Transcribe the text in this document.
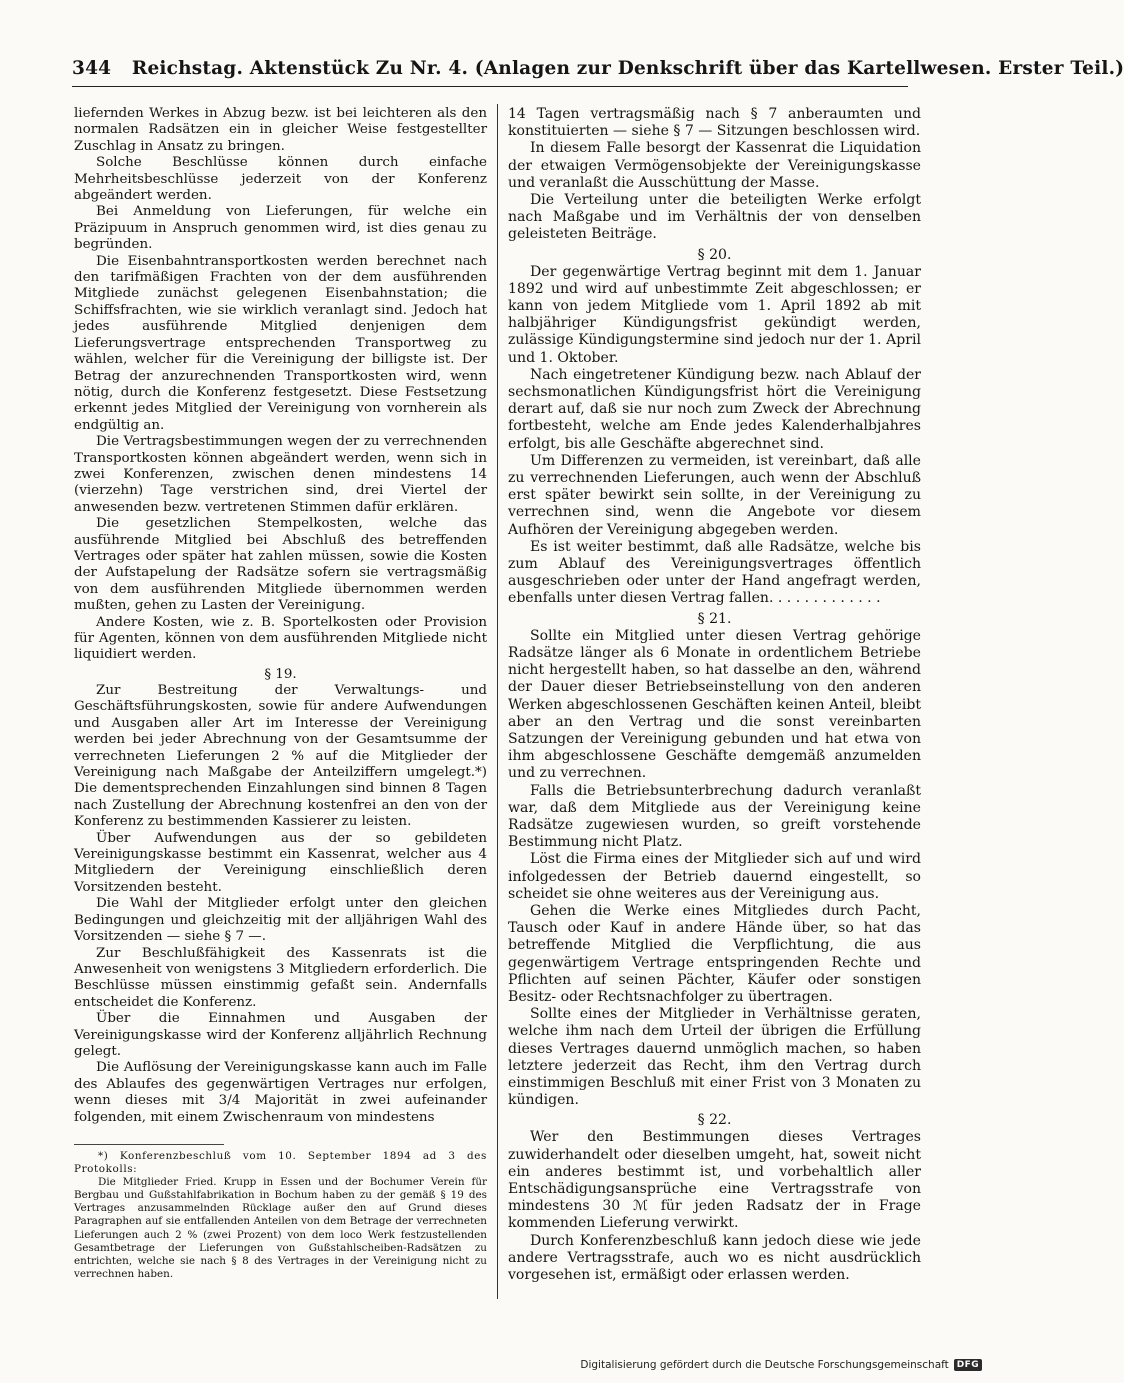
344 Reichstag. Aktenstück Zu Nr. 4. (Anlagen zur Denkschrift über das Kartellwesen. Erster Teil.)
liefernden Werkes in Abzug bezw. ist bei leichteren als den normalen Radsätzen ein in gleicher Weise festgestellter Zuschlag in Ansatz zu bringen.
Solche Beschlüsse können durch einfache Mehrheitsbeschlüsse jederzeit von der Konferenz abgeändert werden.
Bei Anmeldung von Lieferungen, für welche ein Präzipuum in Anspruch genommen wird, ist dies genau zu begründen.
Die Eisenbahntransportkosten werden berechnet nach den tarifmäßigen Frachten von der dem ausführenden Mitgliede zunächst gelegenen Eisenbahnstation; die Schiffsfrachten, wie sie wirklich veranlagt sind. Jedoch hat jedes ausführende Mitglied denjenigen dem Lieferungsvertrage entsprechenden Transportweg zu wählen, welcher für die Vereinigung der billigste ist. Der Betrag der anzurechnenden Transportkosten wird, wenn nötig, durch die Konferenz festgesetzt. Diese Festsetzung erkennt jedes Mitglied der Vereinigung von vornherein als endgültig an.
Die Vertragsbestimmungen wegen der zu verrechnenden Transportkosten können abgeändert werden, wenn sich in zwei Konferenzen, zwischen denen mindestens 14 (vierzehn) Tage verstrichen sind, drei Viertel der anwesenden bezw. vertretenen Stimmen dafür erklären.
Die gesetzlichen Stempelkosten, welche das ausführende Mitglied bei Abschluß des betreffenden Vertrages oder später hat zahlen müssen, sowie die Kosten der Aufstapelung der Radsätze sofern sie vertragsmäßig von dem ausführenden Mitgliede übernommen werden mußten, gehen zu Lasten der Vereinigung.
Andere Kosten, wie z. B. Sportelkosten oder Provision für Agenten, können von dem ausführenden Mitgliede nicht liquidiert werden.
§ 19.
Zur Bestreitung der Verwaltungs- und Geschäftsführungskosten, sowie für andere Aufwendungen und Ausgaben aller Art im Interesse der Vereinigung werden bei jeder Abrechnung von der Gesamtsumme der verrechneten Lieferungen 2 % auf die Mitglieder der Vereinigung nach Maßgabe der Anteilziffern umgelegt.*) Die dementsprechenden Einzahlungen sind binnen 8 Tagen nach Zustellung der Abrechnung kostenfrei an den von der Konferenz zu bestimmenden Kassierer zu leisten.
Über Aufwendungen aus der so gebildeten Vereinigungskasse bestimmt ein Kassenrat, welcher aus 4 Mitgliedern der Vereinigung einschließlich deren Vorsitzenden besteht.
Die Wahl der Mitglieder erfolgt unter den gleichen Bedingungen und gleichzeitig mit der alljährigen Wahl des Vorsitzenden — siehe § 7 —.
Zur Beschlußfähigkeit des Kassenrats ist die Anwesenheit von wenigstens 3 Mitgliedern erforderlich. Die Beschlüsse müssen einstimmig gefaßt sein. Andernfalls entscheidet die Konferenz.
Über die Einnahmen und Ausgaben der Vereinigungskasse wird der Konferenz alljährlich Rechnung gelegt.
Die Auflösung der Vereinigungskasse kann auch im Falle des Ablaufes des gegenwärtigen Vertrages nur erfolgen, wenn dieses mit 3/4 Majorität in zwei aufeinander folgenden, mit einem Zwischenraum von mindestens
*) Konferenzbeschluß vom 10. September 1894 ad 3 des Protokolls:
Die Mitglieder Fried. Krupp in Essen und der Bochumer Verein für Bergbau und Gußstahlfabrikation in Bochum haben zu der gemäß § 19 des Vertrages anzusammelnden Rücklage außer den auf Grund dieses Paragraphen auf sie entfallenden Anteilen von dem Betrage der verrechneten Lieferungen auch 2 % (zwei Prozent) von dem loco Werk festzustellenden Gesamtbetrage der Lieferungen von Gußstahlscheiben-Radsätzen zu entrichten, welche sie nach § 8 des Vertrages in der Vereinigung nicht zu verrechnen haben.
14 Tagen vertragsmäßig nach § 7 anberaumten und konstituierten — siehe § 7 — Sitzungen beschlossen wird.
In diesem Falle besorgt der Kassenrat die Liquidation der etwaigen Vermögensobjekte der Vereinigungskasse und veranlaßt die Ausschüttung der Masse.
Die Verteilung unter die beteiligten Werke erfolgt nach Maßgabe und im Verhältnis der von denselben geleisteten Beiträge.
§ 20.
Der gegenwärtige Vertrag beginnt mit dem 1. Januar 1892 und wird auf unbestimmte Zeit abgeschlossen; er kann von jedem Mitgliede vom 1. April 1892 ab mit halbjähriger Kündigungsfrist gekündigt werden, zulässige Kündigungstermine sind jedoch nur der 1. April und 1. Oktober.
Nach eingetretener Kündigung bezw. nach Ablauf der sechsmonatlichen Kündigungsfrist hört die Vereinigung derart auf, daß sie nur noch zum Zweck der Abrechnung fortbesteht, welche am Ende jedes Kalenderhalbjahres erfolgt, bis alle Geschäfte abgerechnet sind.
Um Differenzen zu vermeiden, ist vereinbart, daß alle zu verrechnenden Lieferungen, auch wenn der Abschluß erst später bewirkt sein sollte, in der Vereinigung zu verrechnen sind, wenn die Angebote vor diesem Aufhören der Vereinigung abgegeben werden.
Es ist weiter bestimmt, daß alle Radsätze, welche bis zum Ablauf des Vereinigungsvertrages öffentlich ausgeschrieben oder unter der Hand angefragt werden, ebenfalls unter diesen Vertrag fallen. . . . . . . . . . . . .
§ 21.
Sollte ein Mitglied unter diesen Vertrag gehörige Radsätze länger als 6 Monate in ordentlichem Betriebe nicht hergestellt haben, so hat dasselbe an den, während der Dauer dieser Betriebseinstellung von den anderen Werken abgeschlossenen Geschäften keinen Anteil, bleibt aber an den Vertrag und die sonst vereinbarten Satzungen der Vereinigung gebunden und hat etwa von ihm abgeschlossene Geschäfte demgemäß anzumelden und zu verrechnen.
Falls die Betriebsunterbrechung dadurch veranlaßt war, daß dem Mitgliede aus der Vereinigung keine Radsätze zugewiesen wurden, so greift vorstehende Bestimmung nicht Platz.
Löst die Firma eines der Mitglieder sich auf und wird infolgedessen der Betrieb dauernd eingestellt, so scheidet sie ohne weiteres aus der Vereinigung aus.
Gehen die Werke eines Mitgliedes durch Pacht, Tausch oder Kauf in andere Hände über, so hat das betreffende Mitglied die Verpflichtung, die aus gegenwärtigem Vertrage entspringenden Rechte und Pflichten auf seinen Pächter, Käufer oder sonstigen Besitz- oder Rechtsnachfolger zu übertragen.
Sollte eines der Mitglieder in Verhältnisse geraten, welche ihm nach dem Urteil der übrigen die Erfüllung dieses Vertrages dauernd unmöglich machen, so haben letztere jederzeit das Recht, ihm den Vertrag durch einstimmigen Beschluß mit einer Frist von 3 Monaten zu kündigen.
§ 22.
Wer den Bestimmungen dieses Vertrages zuwiderhandelt oder dieselben umgeht, hat, soweit nicht ein anderes bestimmt ist, und vorbehaltlich aller Entschädigungsansprüche eine Vertragsstrafe von mindestens 30 ℳ für jeden Radsatz der in Frage kommenden Lieferung verwirkt.
Durch Konferenzbeschluß kann jedoch diese wie jede andere Vertragsstrafe, auch wo es nicht ausdrücklich vorgesehen ist, ermäßigt oder erlassen werden.
Digitalisierung gefördert durch die Deutsche Forschungsgemeinschaft DFG
